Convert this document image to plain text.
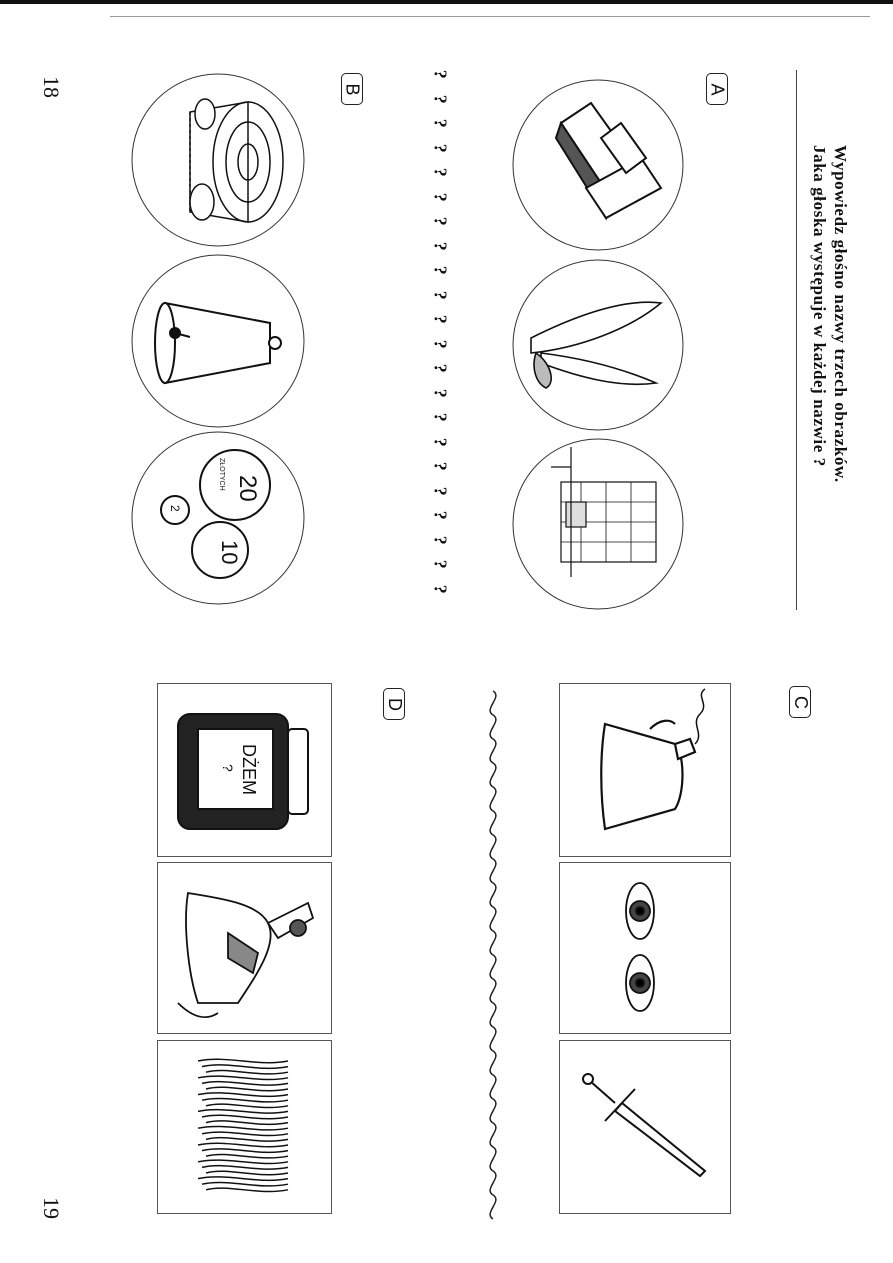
Wypowiedz głośno nazwy trzech obrazków.
Jaka głoska występuje w każdej nazwie ?
18
19
A
B
C
D
?
?
?
?
?
?
?
?
?
?
?
?
?
?
?
?
?
?
?
?
?
?
20
10
2
ZŁOTYCH
DŻEM
?
